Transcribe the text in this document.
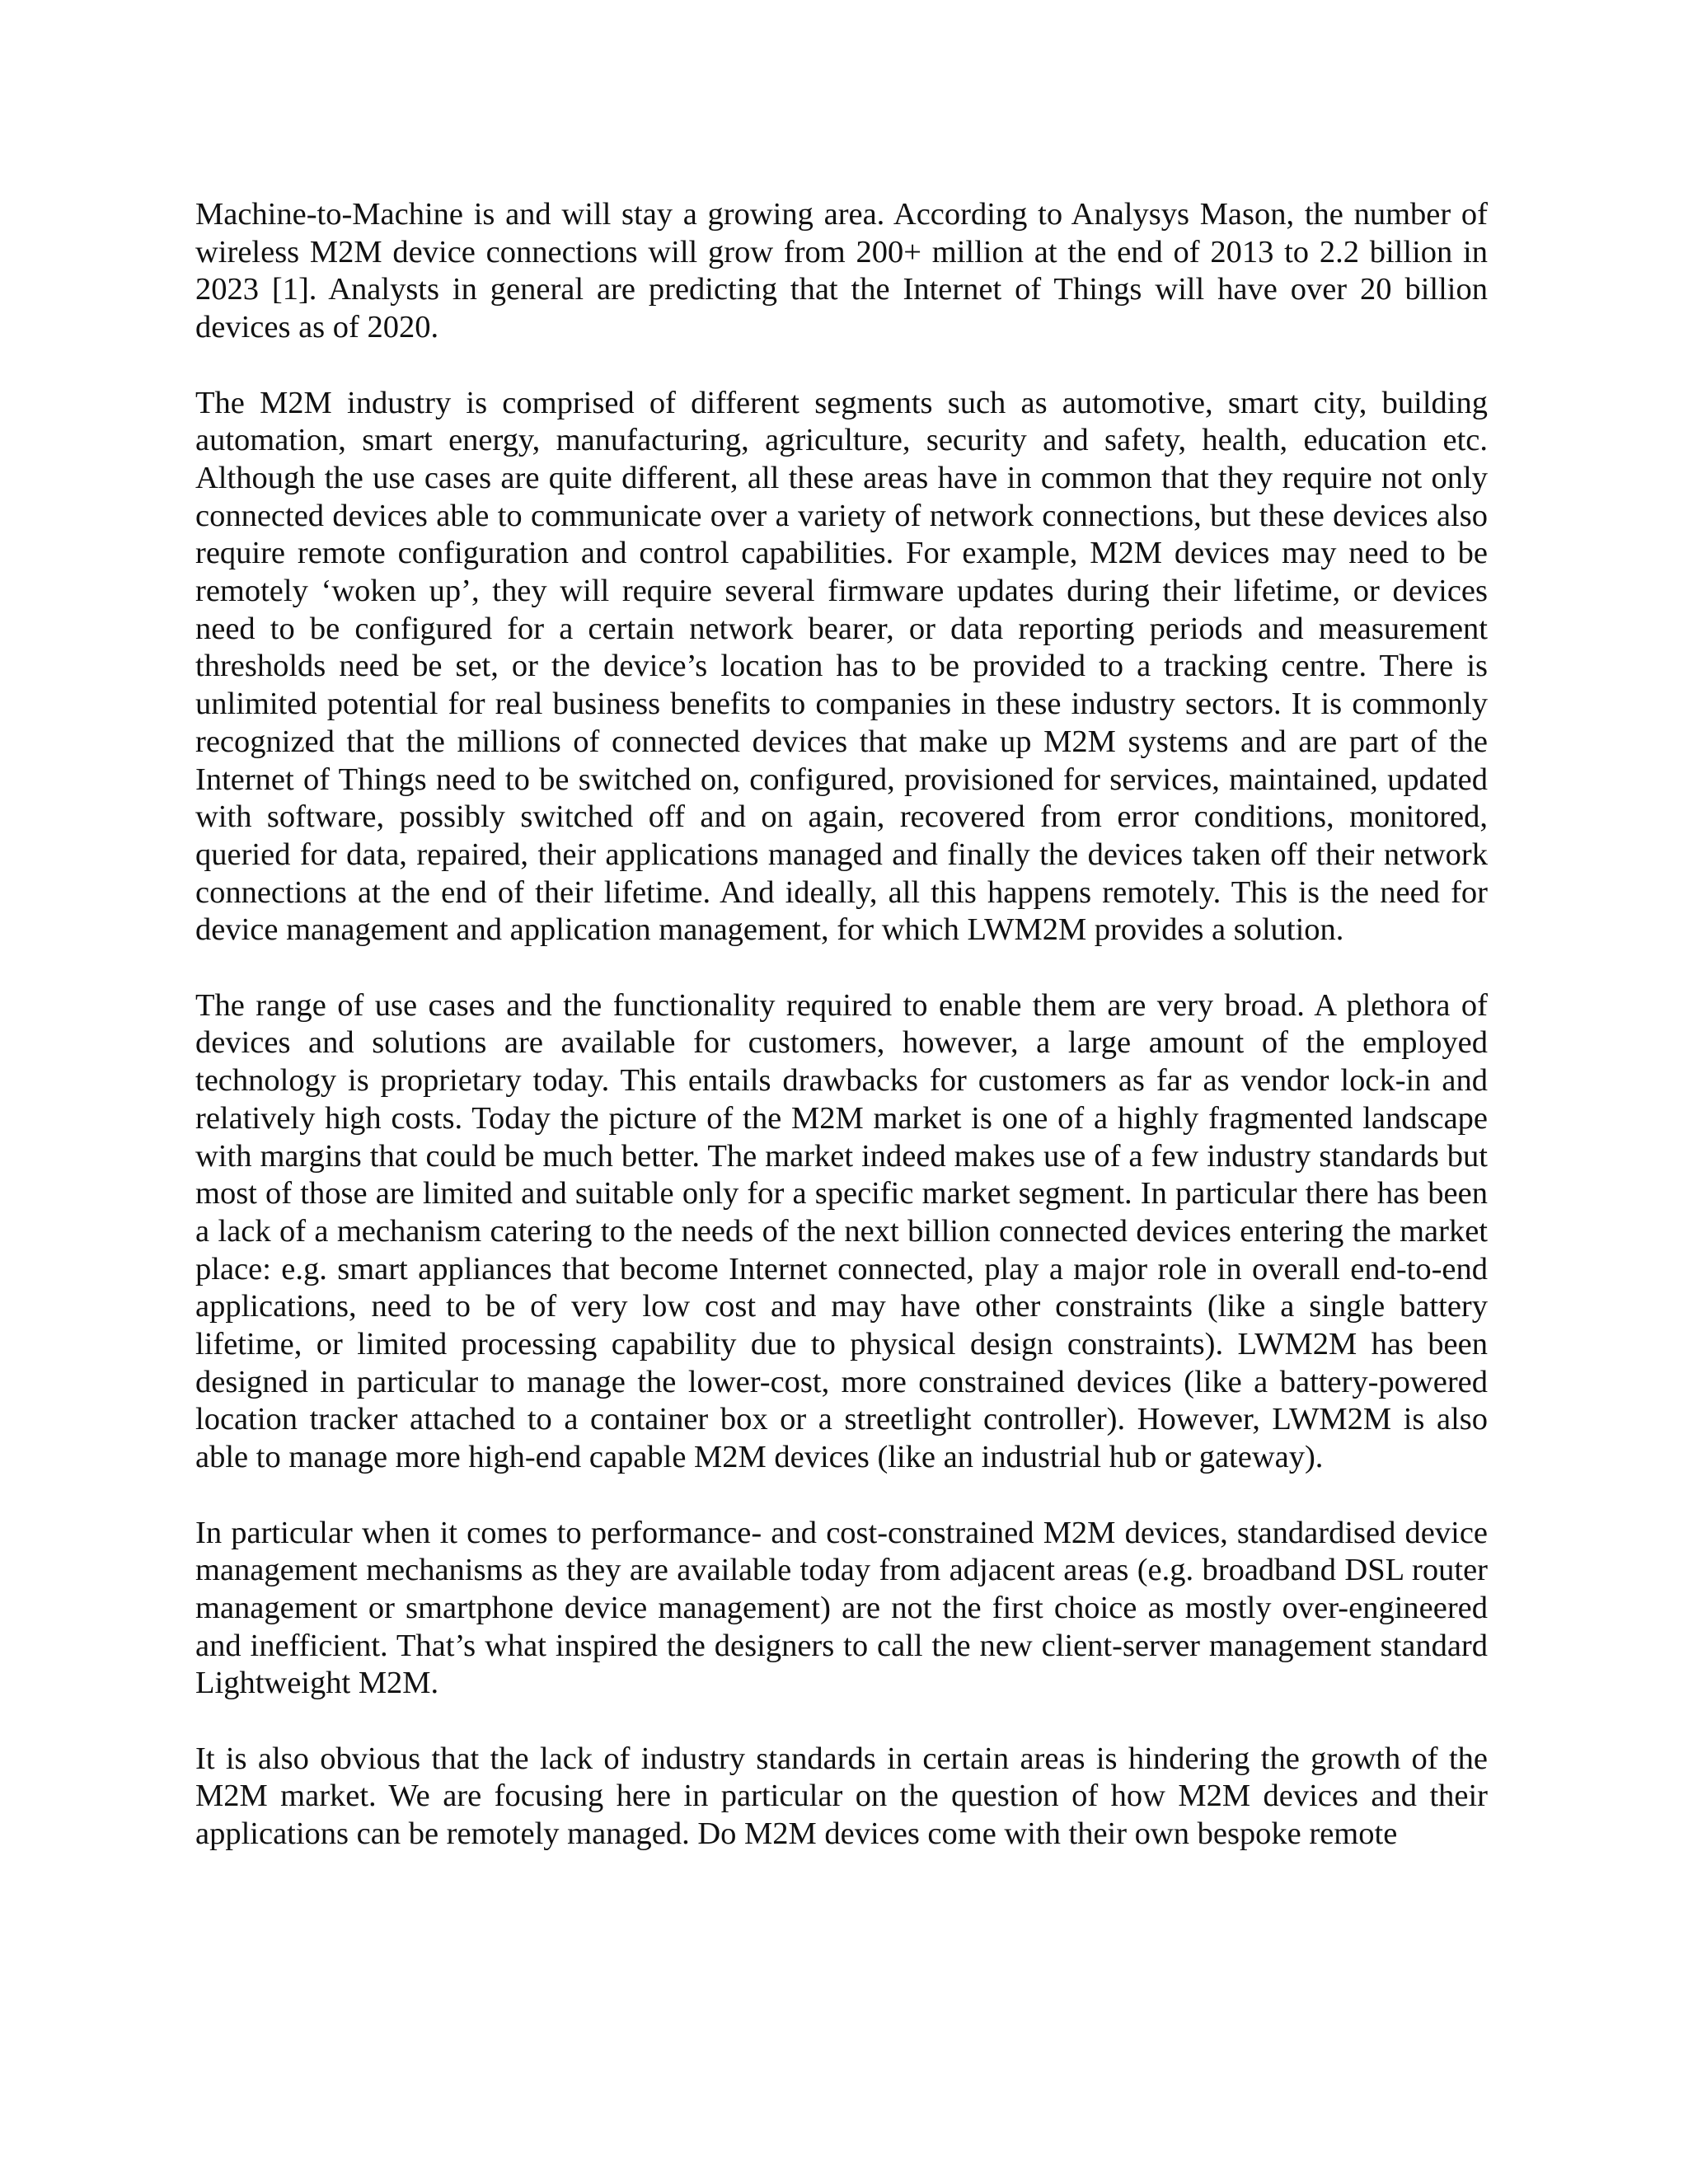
Machine-to-Machine is and will stay a growing area. According to Analysys Mason, the number of wireless M2M device connections will grow from 200+ million at the end of 2013 to 2.2 billion in 2023 [1]. Analysts in general are predicting that the Internet of Things will have over 20 billion devices as of 2020.

The M2M industry is comprised of different segments such as automotive, smart city, building automation, smart energy, manufacturing, agriculture, security and safety, health, education etc. Although the use cases are quite different, all these areas have in common that they require not only connected devices able to communicate over a variety of network connections, but these devices also require remote configuration and control capabilities. For example, M2M devices may need to be remotely ‘woken up’, they will require several firmware updates during their lifetime, or devices need to be configured for a certain network bearer, or data reporting periods and measurement thresholds need be set, or the device’s location has to be provided to a tracking centre. There is unlimited potential for real business benefits to companies in these industry sectors. It is commonly recognized that the millions of connected devices that make up M2M systems and are part of the Internet of Things need to be switched on, configured, provisioned for services, maintained, updated with software, possibly switched off and on again, recovered from error conditions, monitored, queried for data, repaired, their applications managed and finally the devices taken off their network connections at the end of their lifetime. And ideally, all this happens remotely. This is the need for device management and application management, for which LWM2M provides a solution.

The range of use cases and the functionality required to enable them are very broad. A plethora of devices and solutions are available for customers, however, a large amount of the employed technology is proprietary today. This entails drawbacks for customers as far as vendor lock-in and relatively high costs. Today the picture of the M2M market is one of a highly fragmented landscape with margins that could be much better. The market indeed makes use of a few industry standards but most of those are limited and suitable only for a specific market segment. In particular there has been a lack of a mechanism catering to the needs of the next billion connected devices entering the market place: e.g. smart appliances that become Internet connected, play a major role in overall end-to-end applications, need to be of very low cost and may have other constraints (like a single battery lifetime, or limited processing capability due to physical design constraints). LWM2M has been designed in particular to manage the lower-cost, more constrained devices (like a battery-powered location tracker attached to a container box or a streetlight controller). However, LWM2M is also able to manage more high-end capable M2M devices (like an industrial hub or gateway).

In particular when it comes to performance- and cost-constrained M2M devices, standardised device management mechanisms as they are available today from adjacent areas (e.g. broadband DSL router management or smartphone device management) are not the first choice as mostly over-engineered and inefficient. That’s what inspired the designers to call the new client-server management standard Lightweight M2M.

It is also obvious that the lack of industry standards in certain areas is hindering the growth of the M2M market. We are focusing here in particular on the question of how M2M devices and their applications can be remotely managed. Do M2M devices come with their own bespoke remote
